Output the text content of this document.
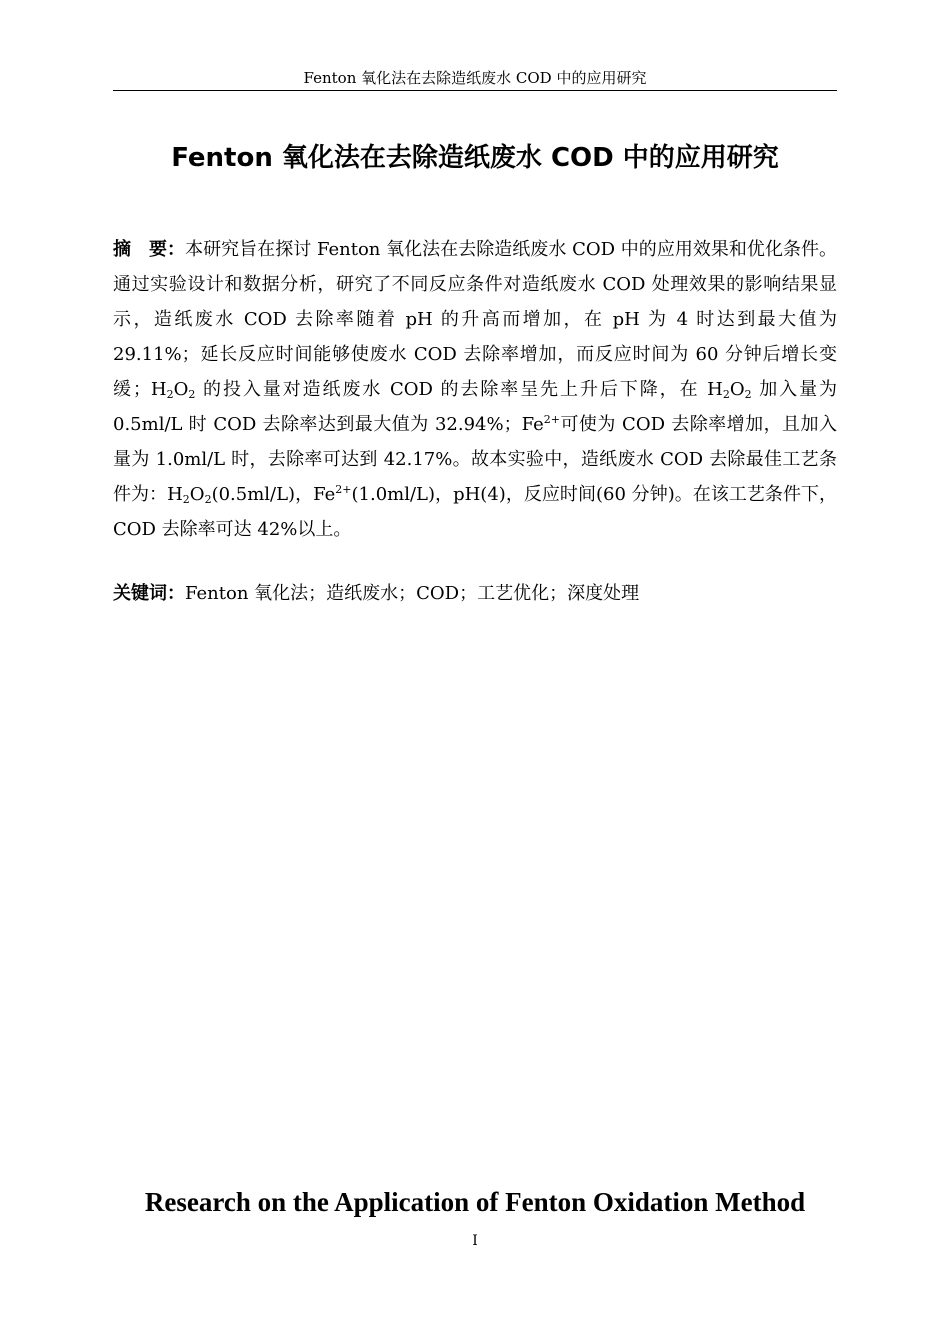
Fenton 氧化法在去除造纸废水 COD 中的应用研究
Fenton 氧化法在去除造纸废水 COD 中的应用研究
摘　要：本研究旨在探讨 Fenton 氧化法在去除造纸废水 COD 中的应用效果和优化条件。通过实验设计和数据分析，研究了不同反应条件对造纸废水 COD 处理效果的影响结果显示，造纸废水 COD 去除率随着 pH 的升高而增加，在 pH 为 4 时达到最大值为 29.11%；延长反应时间能够使废水 COD 去除率增加，而反应时间为 60 分钟后增长变缓；$H_2O_2$ 的投入量对造纸废水 COD 的去除率呈先上升后下降，在 $H_2O_2$ 加入量为 0.5ml/L 时 COD 去除率达到最大值为 32.94%；$Fe^{2+}$可使为 COD 去除率增加，且加入量为 1.0ml/L 时，去除率可达到 42.17%。故本实验中，造纸废水 COD 去除最佳工艺条件为：$H_2O_2(0.5ml/L)$，$Fe^{2+}(1.0ml/L)$，pH(4)，反应时间(60 分钟)。在该工艺条件下，COD 去除率可达 42%以上。
关键词：Fenton 氧化法；造纸废水；COD；工艺优化；深度处理
Research on the Application of Fenton Oxidation Method
I
